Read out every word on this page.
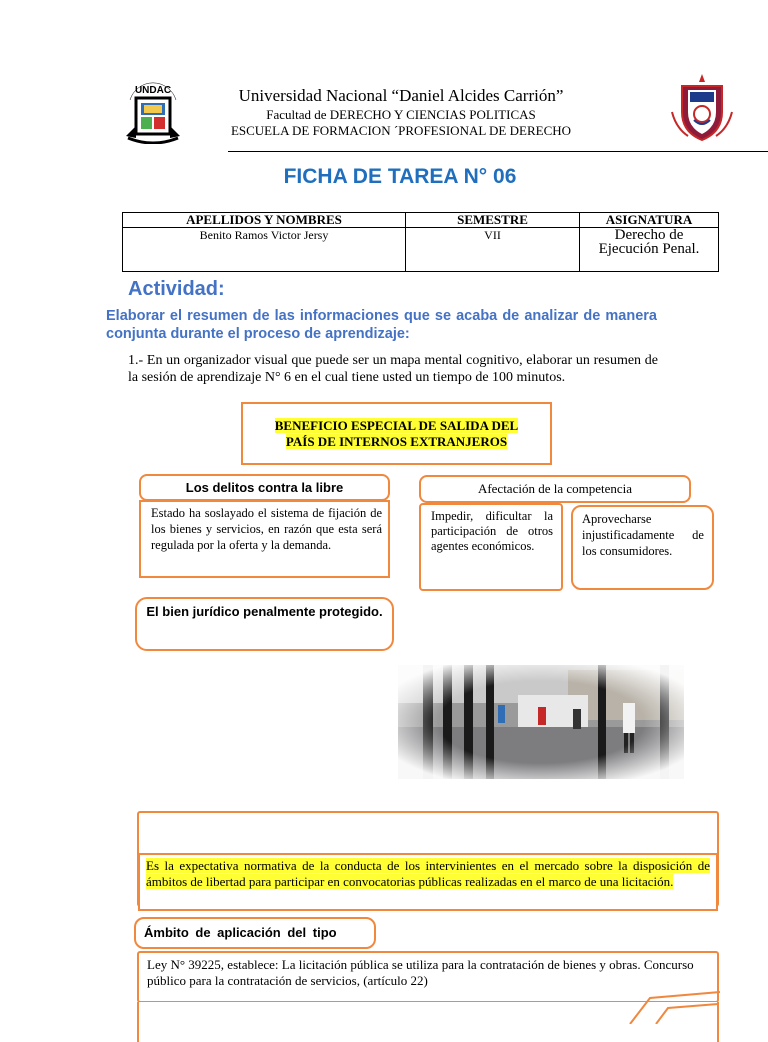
UNDAC	Universidad Nacional “Daniel Alcides Carrión”
Facultad de DERECHO Y CIENCIAS POLITICAS
ESCUELA DE FORMACION ´PROFESIONAL DE DERECHO
FICHA DE TAREA N° 06
APELLIDOS Y NOMBRES	SEMESTRE	ASIGNATURA
Benito Ramos Victor Jersy	VII	Derecho de Ejecución Penal.
Actividad:
Elaborar el resumen de las informaciones que se acaba de analizar de manera conjunta durante el proceso de aprendizaje:
1.- En un organizador visual que puede ser un mapa mental cognitivo, elaborar un resumen de la sesión de aprendizaje N° 6 en el cual tiene usted un tiempo de 100 minutos.
BENEFICIO ESPECIAL DE SALIDA DEL
PAÍS DE INTERNOS EXTRANJEROS
Los delitos contra la libre
Estado ha soslayado el sistema de fijación de los bienes y servicios, en razón que esta será regulada por la oferta y la demanda.
Afectación de la competencia
Impedir, dificultar la participación de otros agentes económicos.
Aprovecharse injustificadamente de los consumidores.
El bien jurídico penalmente protegido.
Es la expectativa normativa de la conducta de los intervinientes en el mercado sobre la disposición de ámbitos de libertad para participar en convocatorias públicas realizadas en el marco de una licitación.
Ámbito de aplicación del tipo
Ley N° 39225, establece: La licitación pública se utiliza para la contratación de bienes y obras. Concurso público para la contratación de servicios, (artículo 22)
